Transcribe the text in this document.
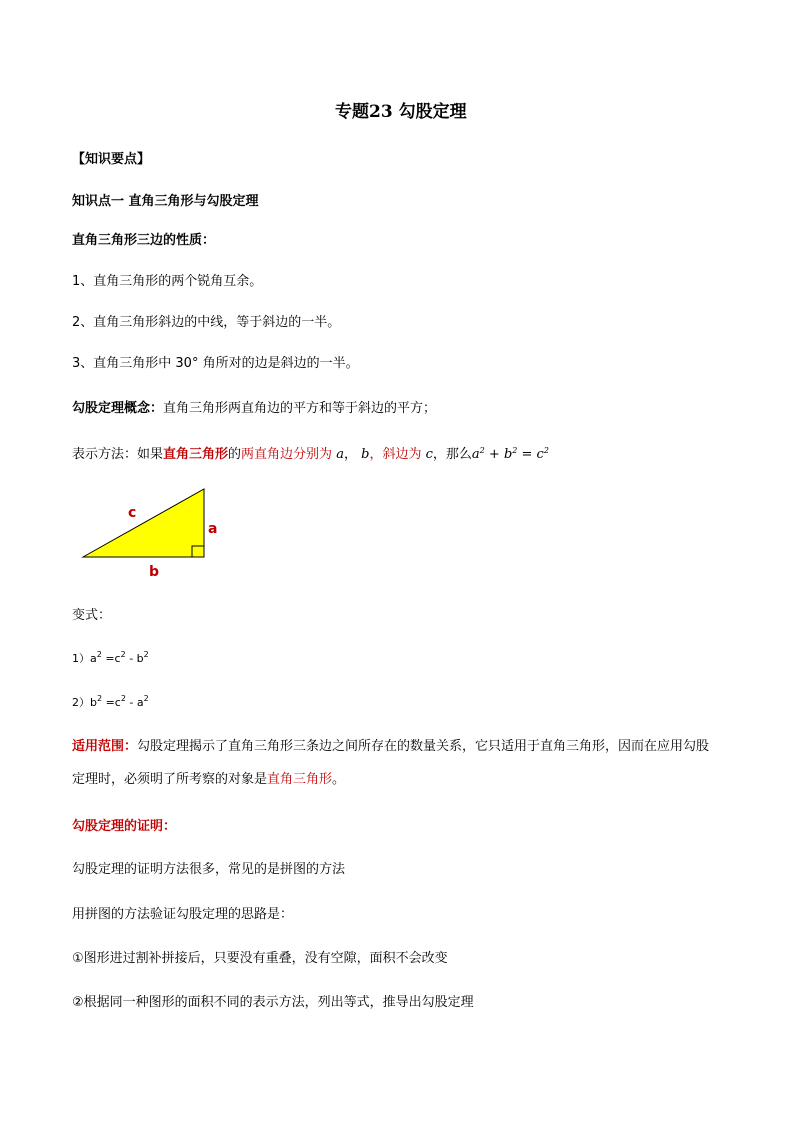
专题23 勾股定理
【知识要点】
知识点一 直角三角形与勾股定理
直角三角形三边的性质：
1、直角三角形的两个锐角互余。
2、直角三角形斜边的中线，等于斜边的一半。
3、直角三角形中 30° 角所对的边是斜边的一半。
勾股定理概念：直角三角形两直角边的平方和等于斜边的平方；
表示方法：如果直角三角形的两直角边分别为 a， b，斜边为 c，那么$a^2 + b^2 = c^2$
c
a
b
变式：
$1)a^2 =c^2 - b^2$
$2)b^2 =c^2 - a^2$
适用范围：勾股定理揭示了直角三角形三条边之间所存在的数量关系，它只适用于直角三角形，因而在应用勾股定理时，必须明了所考察的对象是直角三角形。
勾股定理的证明：
勾股定理的证明方法很多，常见的是拼图的方法
用拼图的方法验证勾股定理的思路是：
①图形进过割补拼接后，只要没有重叠，没有空隙，面积不会改变
②根据同一种图形的面积不同的表示方法，列出等式，推导出勾股定理
